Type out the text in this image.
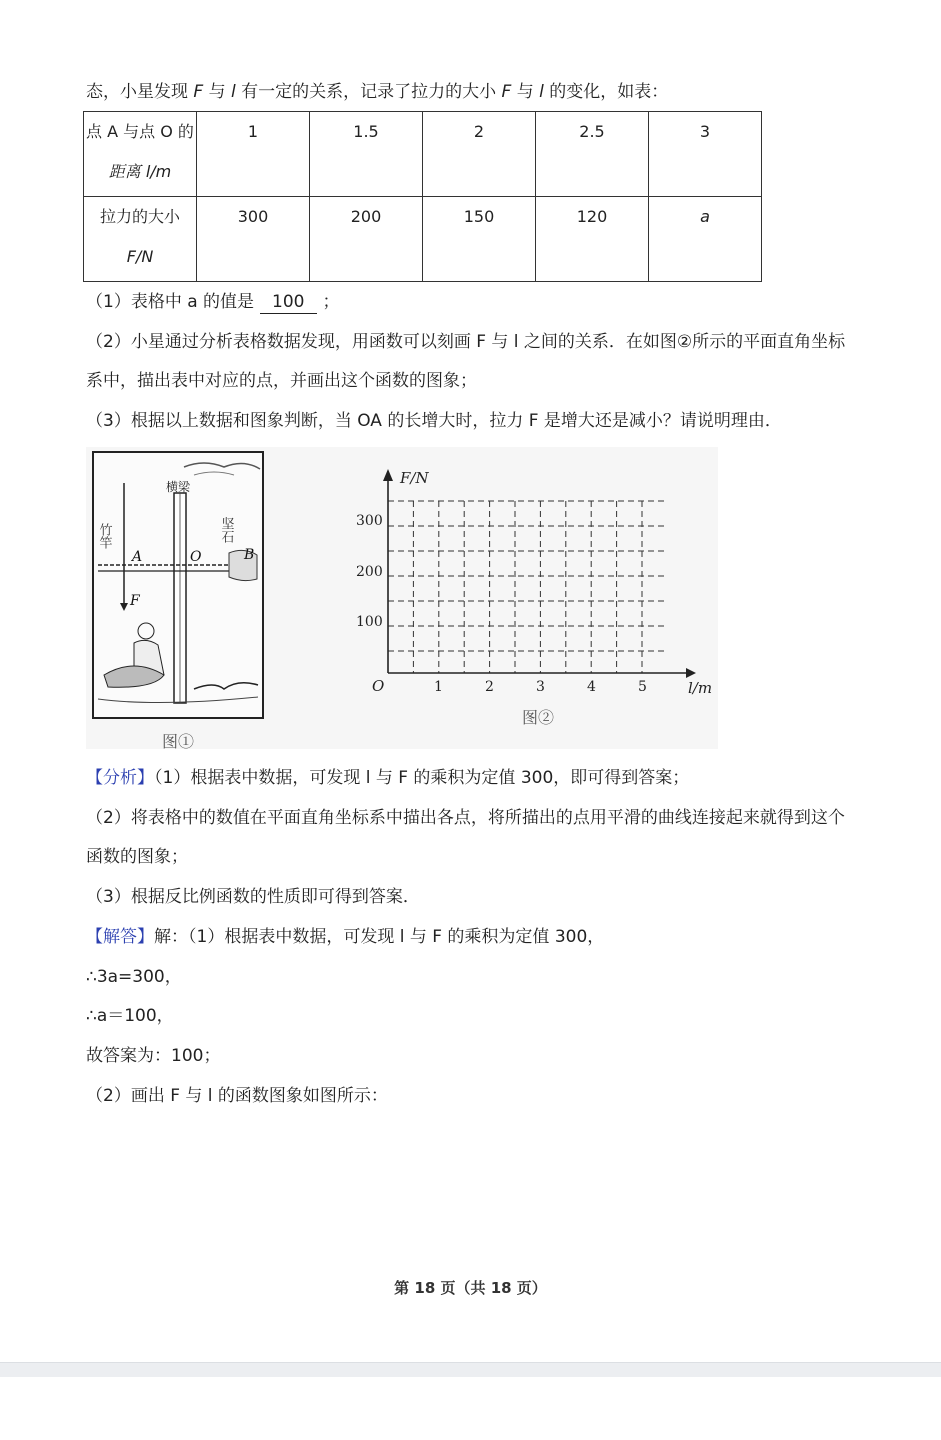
态，小星发现 F 与 l 有一定的关系，记录了拉力的大小 F 与 l 的变化，如表：
点 A 与点 O 的
距离 l/m	1	1.5	2	2.5	3

拉力的大小
F/N	300	200	150	120	a
（1）表格中 a 的值是 100 ；
（2）小星通过分析表格数据发现，用函数可以刻画 F 与 l 之间的关系．在如图②所示的平面直角坐标
系中，描出表中对应的点，并画出这个函数的图象；
（3）根据以上数据和图象判断，当 OA 的长增大时，拉力 F 是增大还是减小？请说明理由．
横梁
竹竿	坚石
A	O	B
F
图①
F/N
l/m
O
300
200
100
1	2	3	4	5
图②
【分析】（1）根据表中数据，可发现 l 与 F 的乘积为定值 300，即可得到答案；
（2）将表格中的数值在平面直角坐标系中描出各点，将所描出的点用平滑的曲线连接起来就得到这个
函数的图象；
（3）根据反比例函数的性质即可得到答案．
【解答】解：（1）根据表中数据，可发现 l 与 F 的乘积为定值 300，
∴3a=300，
∴a＝100，
故答案为：100；
（2）画出 F 与 l 的函数图象如图所示：
第 18 页（共 18 页）
